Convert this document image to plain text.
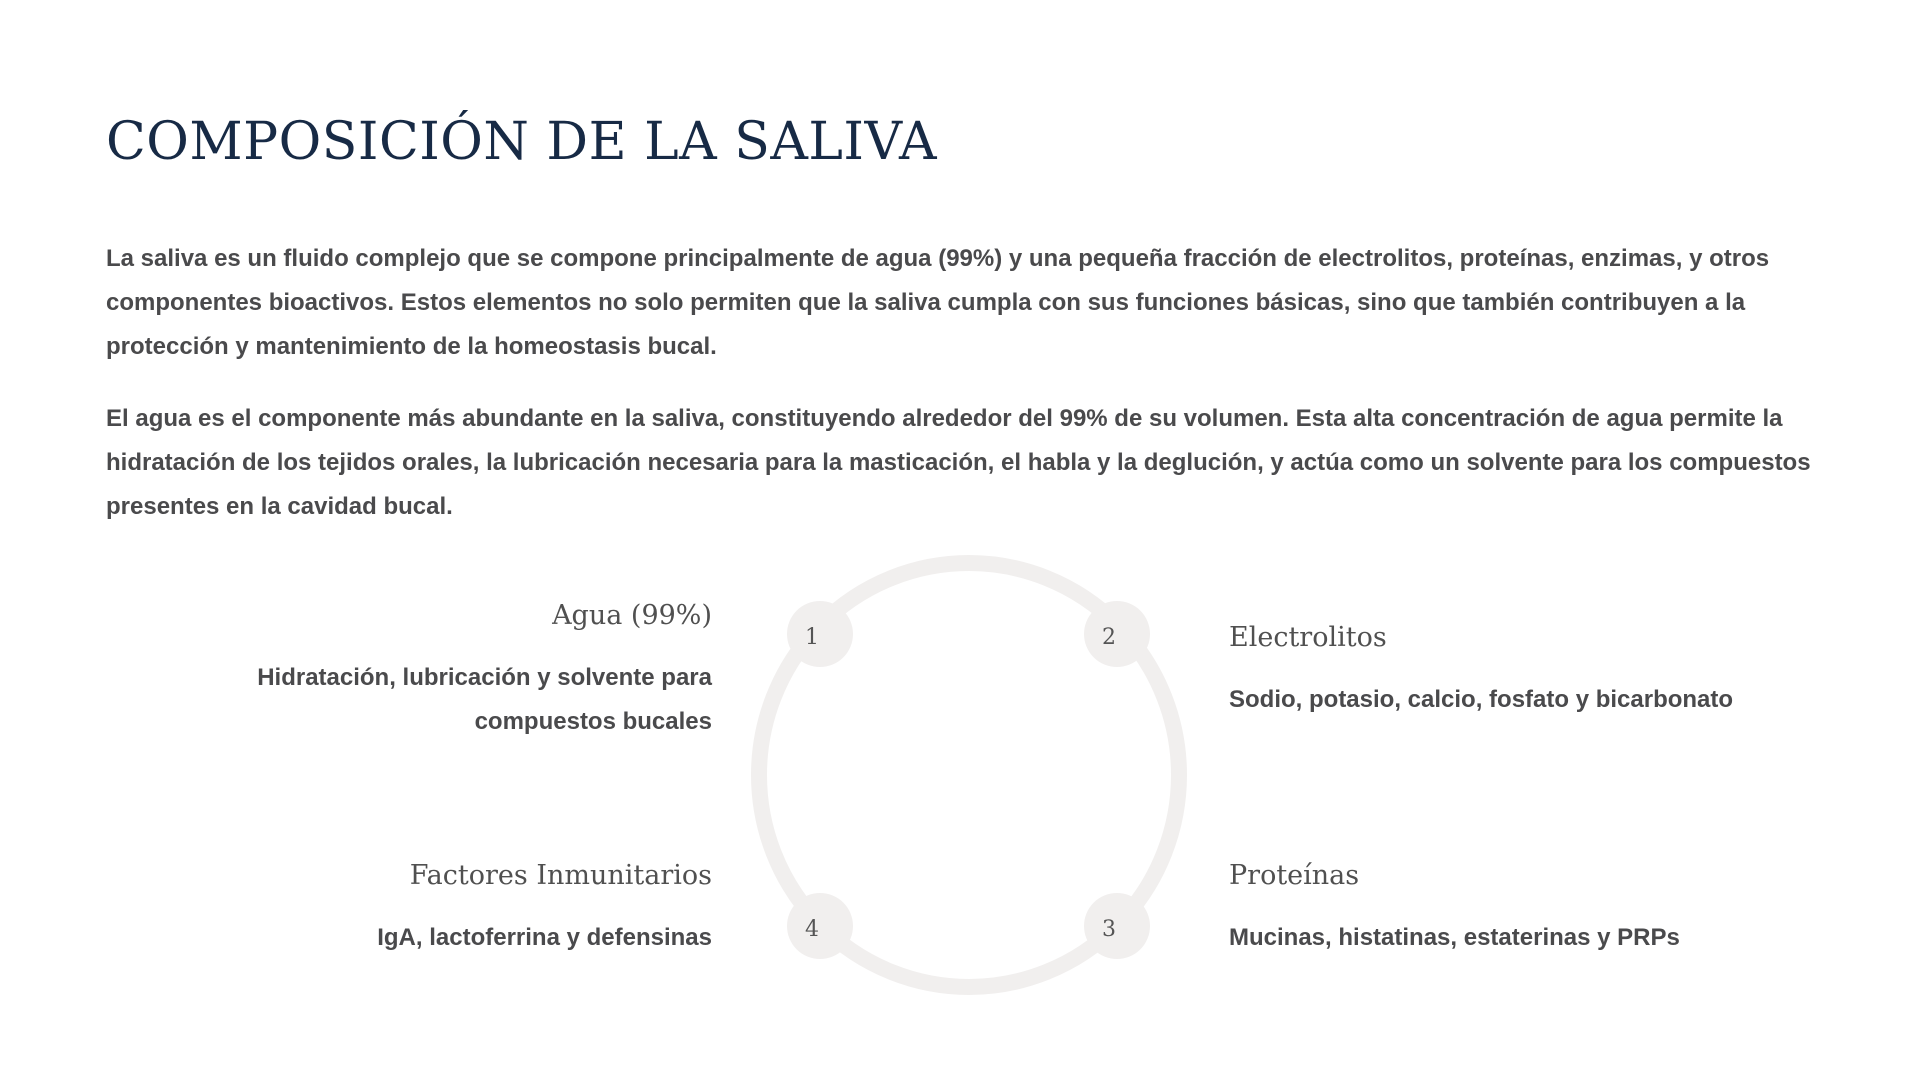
COMPOSICIÓN DE LA SALIVA

La saliva es un fluido complejo que se compone principalmente de agua (99%) y una pequeña fracción de electrolitos, proteínas, enzimas, y otros componentes bioactivos. Estos elementos no solo permiten que la saliva cumpla con sus funciones básicas, sino que también contribuyen a la protección y mantenimiento de la homeostasis bucal.

El agua es el componente más abundante en la saliva, constituyendo alrededor del 99% de su volumen. Esta alta concentración de agua permite la hidratación de los tejidos orales, la lubricación necesaria para la masticación, el habla y la deglución, y actúa como un solvente para los compuestos presentes en la cavidad bucal.

1	2
3
4

Agua (99%)

Hidratación, lubricación y solvente para compuestos bucales

Electrolitos

Sodio, potasio, calcio, fosfato y bicarbonato

Proteínas

Mucinas, histatinas, estaterinas y PRPs

Factores Inmunitarios

IgA, lactoferrina y defensinas
